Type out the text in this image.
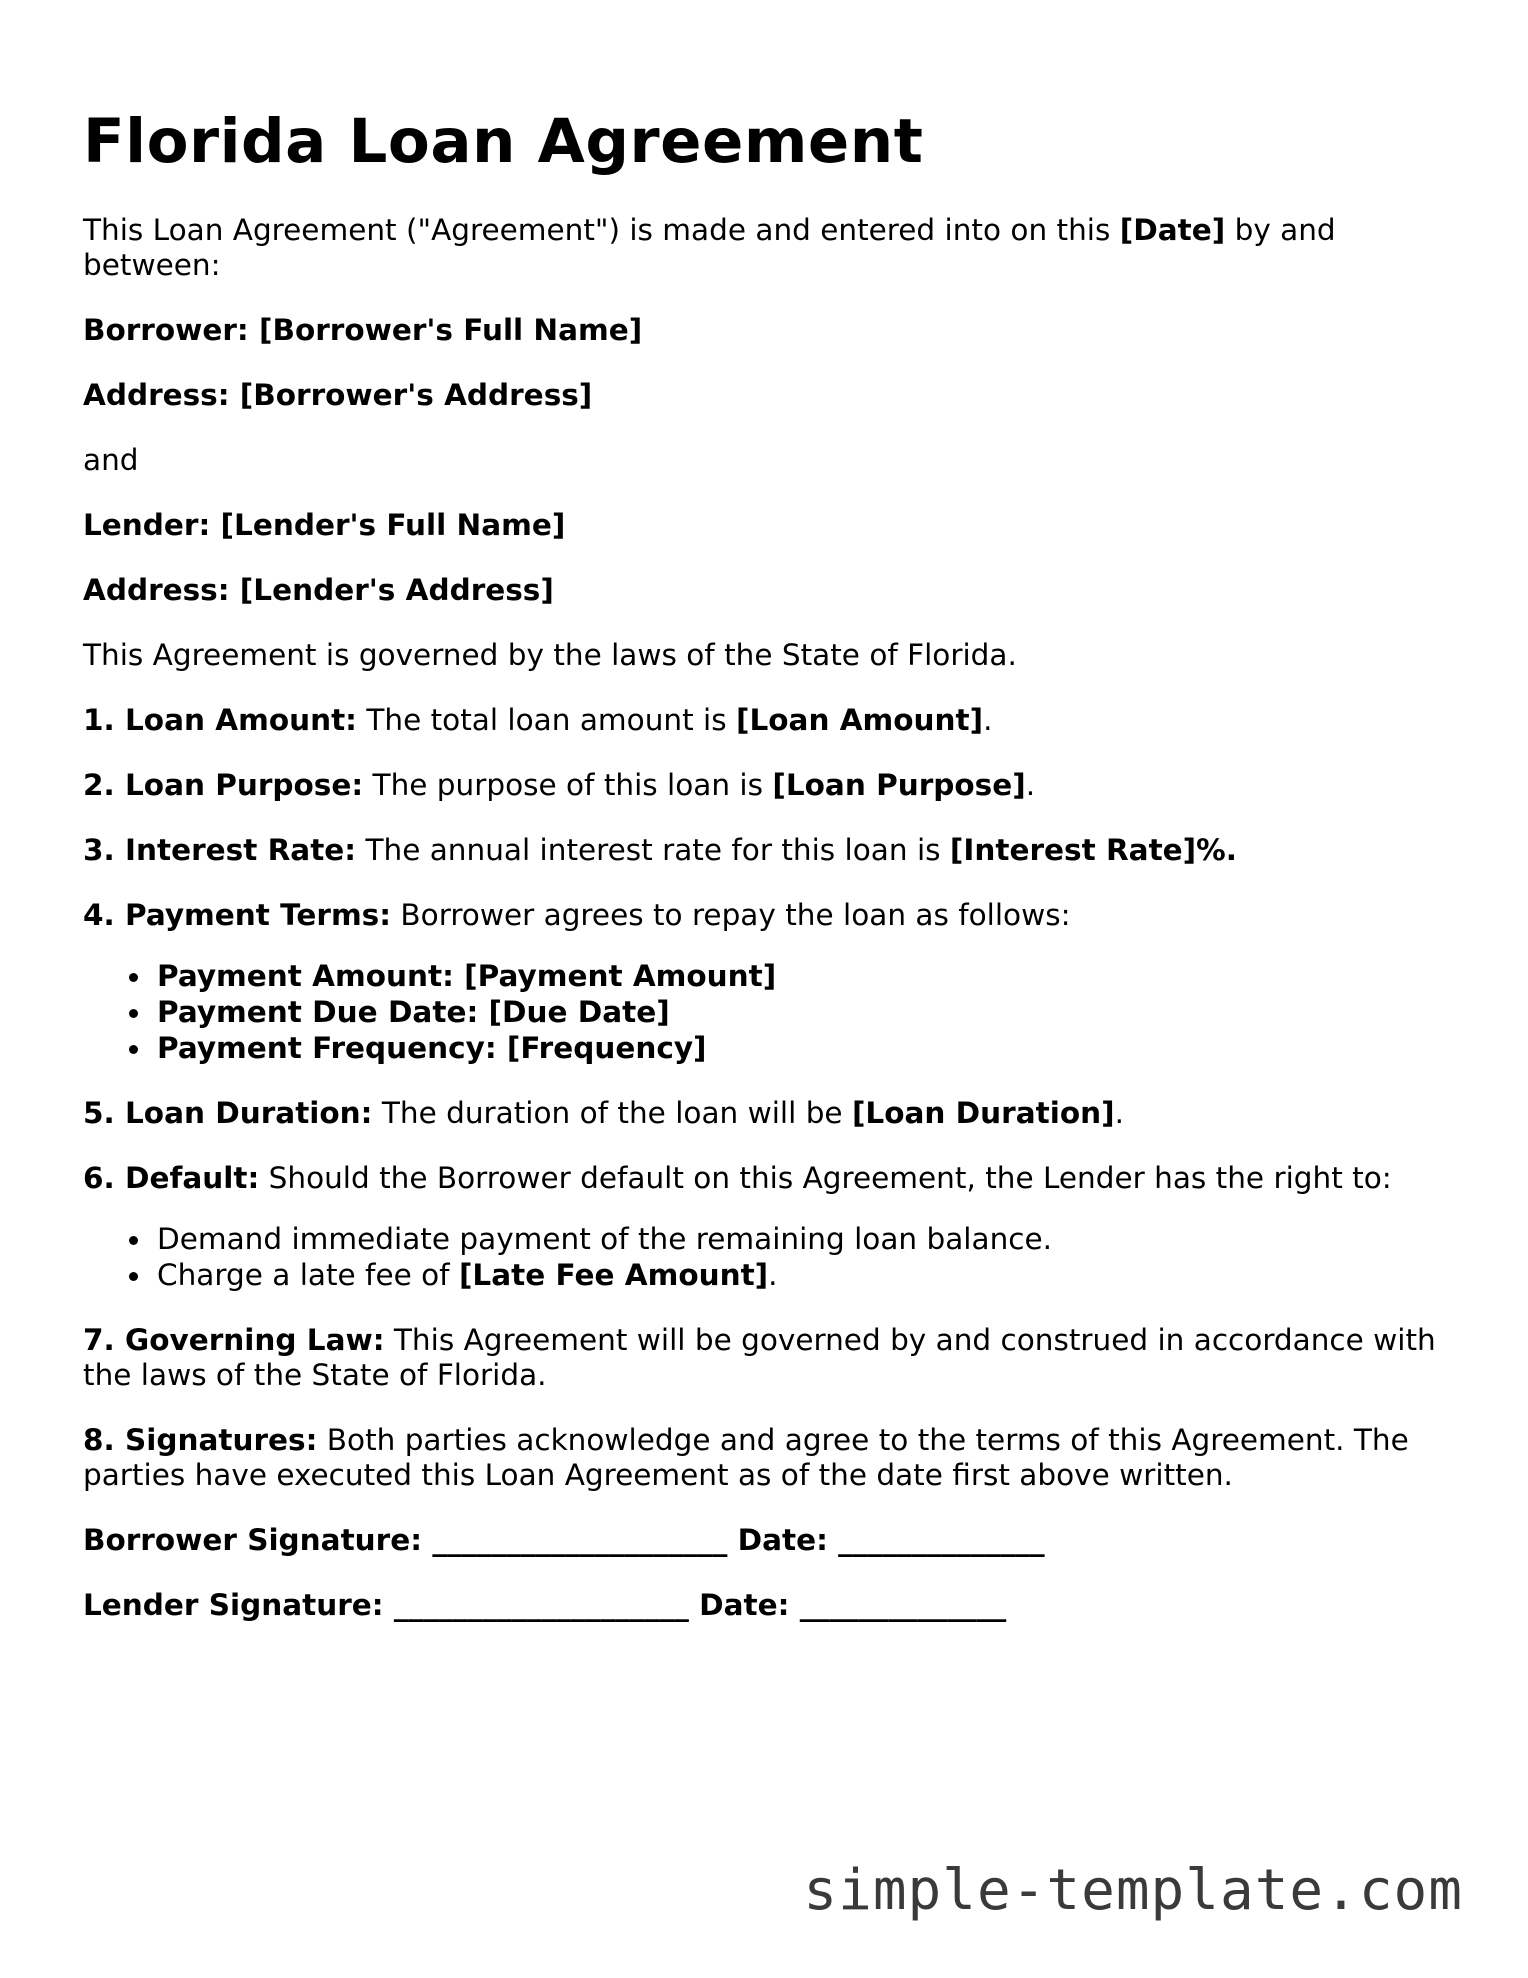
Florida Loan Agreement

This Loan Agreement ("Agreement") is made and entered into on this [Date] by and between:

Borrower: [Borrower's Full Name]

Address: [Borrower's Address]

and

Lender: [Lender's Full Name]

Address: [Lender's Address]

This Agreement is governed by the laws of the State of Florida.

1. Loan Amount: The total loan amount is [Loan Amount].

2. Loan Purpose: The purpose of this loan is [Loan Purpose].

3. Interest Rate: The annual interest rate for this loan is [Interest Rate]%.

4. Payment Terms: Borrower agrees to repay the loan as follows:

Payment Amount: [Payment Amount]
Payment Due Date: [Due Date]
Payment Frequency: [Frequency]

5. Loan Duration: The duration of the loan will be [Loan Duration].

6. Default: Should the Borrower default on this Agreement, the Lender has the right to:

Demand immediate payment of the remaining loan balance.
Charge a late fee of [Late Fee Amount].

7. Governing Law: This Agreement will be governed by and construed in accordance with the laws of the State of Florida.

8. Signatures: Both parties acknowledge and agree to the terms of this Agreement. The parties have executed this Loan Agreement as of the date first above written.

Borrower Signature: ____________________ Date: ______________

Lender Signature: ____________________ Date: ______________

simple-template.com
